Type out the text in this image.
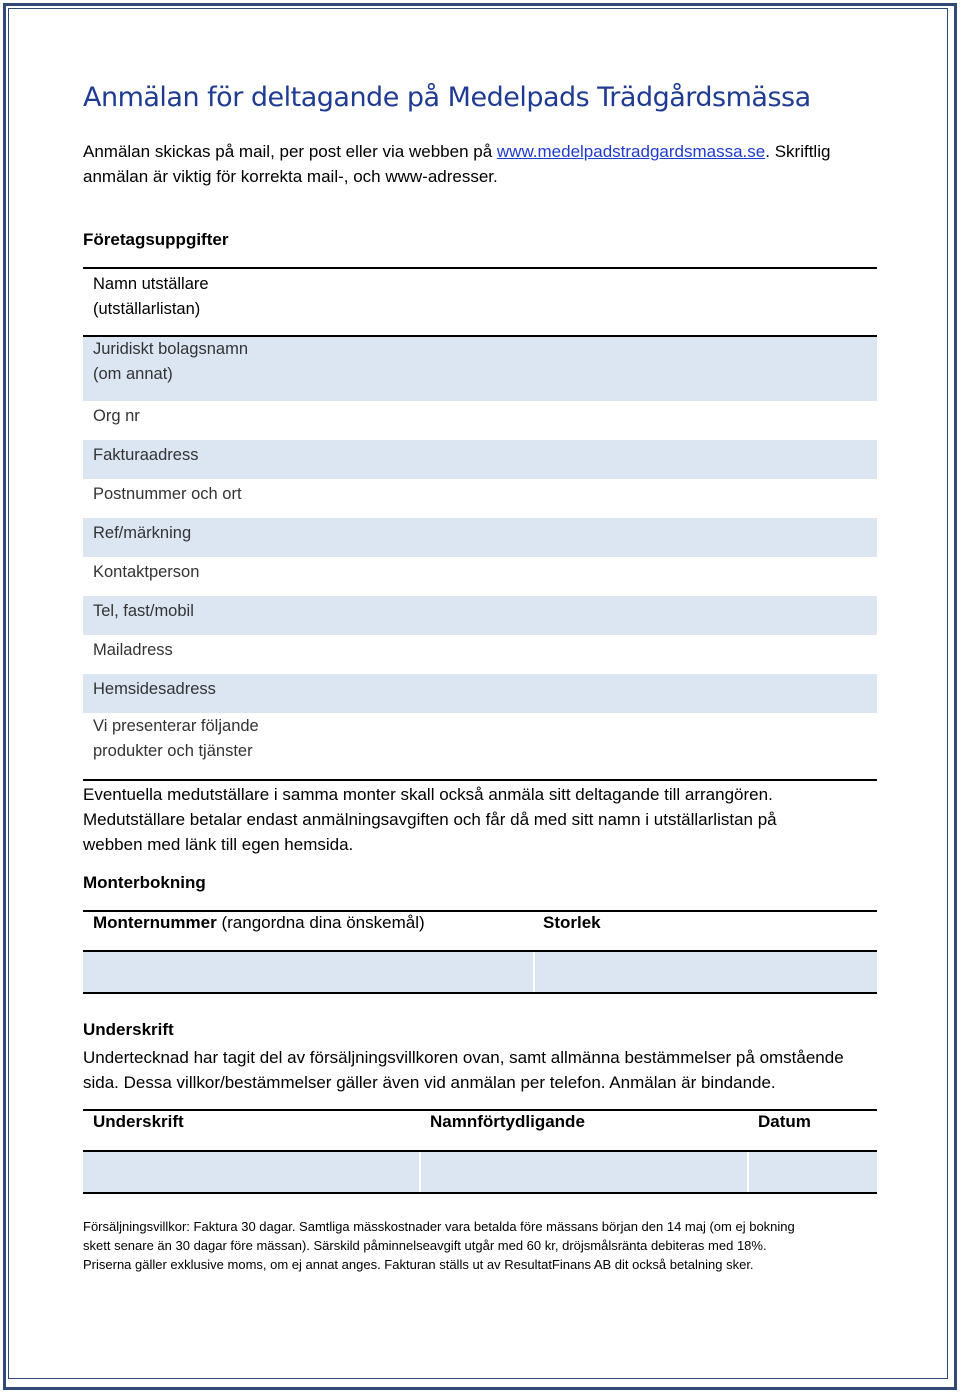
Anmälan för deltagande på Medelpads Trädgårdsmässa
Anmälan skickas på mail, per post eller via webben på www.medelpadstradgardsmassa.se. Skriftlig
anmälan är viktig för korrekta mail-, och www-adresser.
Företagsuppgifter
Namn utställare
(utställarlistan)
Juridiskt bolagsnamn
(om annat)
Org nr
Fakturaadress
Postnummer och ort
Ref/märkning
Kontaktperson
Tel, fast/mobil
Mailadress
Hemsidesadress
Vi presenterar följande
produkter och tjänster
Eventuella medutställare i samma monter skall också anmäla sitt deltagande till arrangören.
Medutställare betalar endast anmälningsavgiften och får då med sitt namn i utställarlistan på
webben med länk till egen hemsida.
Monterbokning
Monternummer (rangordna dina önskemål)	Storlek
Underskrift
Undertecknad har tagit del av försäljningsvillkoren ovan, samt allmänna bestämmelser på omstående
sida. Dessa villkor/bestämmelser gäller även vid anmälan per telefon. Anmälan är bindande.
Underskrift	Namnförtydligande	Datum
Försäljningsvillkor: Faktura 30 dagar. Samtliga mässkostnader vara betalda före mässans början den 14 maj (om ej bokning
skett senare än 30 dagar före mässan). Särskild påminnelseavgift utgår med 60 kr, dröjsmålsränta debiteras med 18%.
Priserna gäller exklusive moms, om ej annat anges. Fakturan ställs ut av ResultatFinans AB dit också betalning sker.
